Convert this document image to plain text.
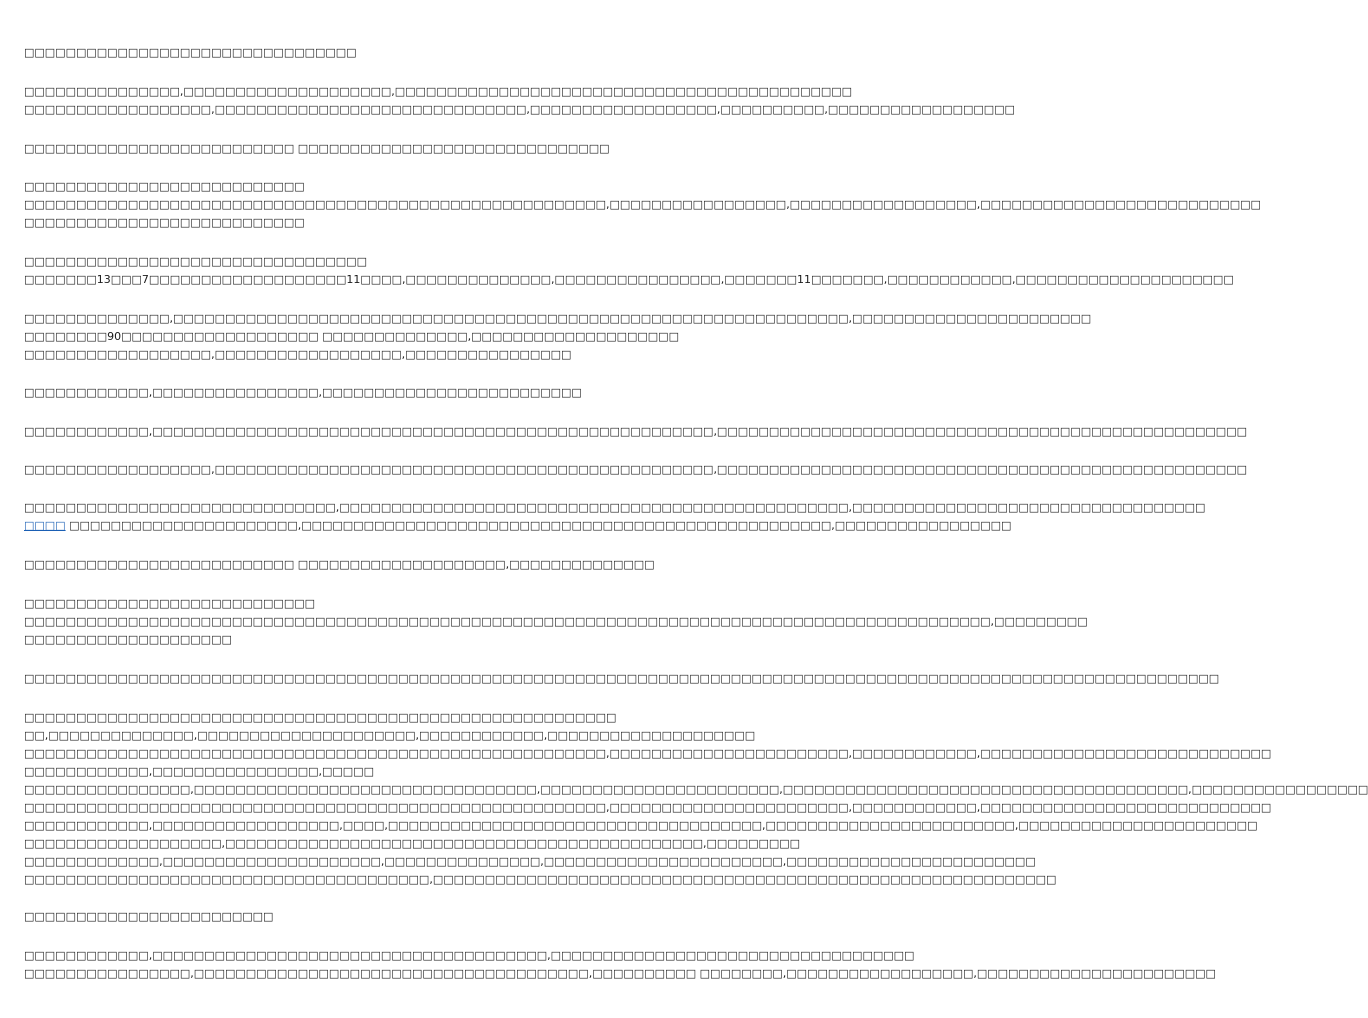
□□□□□□□□□□□□□□□□□□□□□□□□□□□□□□□□
□□□□□□□□□□□□□□□,□□□□□□□□□□□□□□□□□□□□,□□□□□□□□□□□□□□□□□□□□□□□□□□□□□□□□□□□□□□□□□□□□
□□□□□□□□□□□□□□□□□□,□□□□□□□□□□□□□□□□□□□□□□□□□□□□□□,□□□□□□□□□□□□□□□□□□,□□□□□□□□□□,□□□□□□□□□□□□□□□□□□
□□□□□□□□□□□□□□□□□□□□□□□□□□ □□□□□□□□□□□□□□□□□□□□□□□□□□□□□□
□□□□□□□□□□□□□□□□□□□□□□□□□□□
□□□□□□□□□□□□□□□□□□□□□□□□□□□□□□□□□□□□□□□□□□□□□□□□□□□□□□□□,□□□□□□□□□□□□□□□□□,□□□□□□□□□□□□□□□□□□,□□□□□□□□□□□□□□□□□□□□□□□□□□□
□□□□□□□□□□□□□□□□□□□□□□□□□□□
□□□□□□□□□□□□□□□□□□□□□□□□□□□□□□□□□
□□□□□□□13□□□7□□□□□□□□□□□□□□□□□□□11□□□□,□□□□□□□□□□□□□□,□□□□□□□□□□□□□□□□,□□□□□□□11□□□□□□□,□□□□□□□□□□□□,□□□□□□□□□□□□□□□□□□□□□
□□□□□□□□□□□□□□,□□□□□□□□□□□□□□□□□□□□□□□□□□□□□□□□□□□□□□□□□□□□□□□□□□□□□□□□□□□□□□□□□,□□□□□□□□□□□□□□□□□□□□□□□
□□□□□□□□90□□□□□□□□□□□□□□□□□□□ □□□□□□□□□□□□□□,□□□□□□□□□□□□□□□□□□□□
□□□□□□□□□□□□□□□□□□,□□□□□□□□□□□□□□□□□□,□□□□□□□□□□□□□□□□
□□□□□□□□□□□□,□□□□□□□□□□□□□□□□,□□□□□□□□□□□□□□□□□□□□□□□□□
□□□□□□□□□□□□,□□□□□□□□□□□□□□□□□□□□□□□□□□□□□□□□□□□□□□□□□□□□□□□□□□□□□□,□□□□□□□□□□□□□□□□□□□□□□□□□□□□□□□□□□□□□□□□□□□□□□□□□□□
□□□□□□□□□□□□□□□□□□,□□□□□□□□□□□□□□□□□□□□□□□□□□□□□□□□□□□□□□□□□□□□□□□□,□□□□□□□□□□□□□□□□□□□□□□□□□□□□□□□□□□□□□□□□□□□□□□□□□□□
□□□□□□□□□□□□□□□□□□□□□□□□□□□□□□,□□□□□□□□□□□□□□□□□□□□□□□□□□□□□□□□□□□□□□□□□□□□□□□□□,□□□□□□□□□□□□□□□□□□□□□□□□□□□□□□□□□□
□□□□ □□□□□□□□□□□□□□□□□□□□□□,□□□□□□□□□□□□□□□□□□□□□□□□□□□□□□□□□□□□□□□□□□□□□□□□□□□,□□□□□□□□□□□□□□□□□
□□□□□□□□□□□□□□□□□□□□□□□□□□ □□□□□□□□□□□□□□□□□□□□,□□□□□□□□□□□□□□
□□□□□□□□□□□□□□□□□□□□□□□□□□□□
□□□□□□□□□□□□□□□□□□□□□□□□□□□□□□□□□□□□□□□□□□□□□□□□□□□□□□□□□□□□□□□□□□□□□□□□□□□□□□□□□□□□□□□□□□□□□,□□□□□□□□□
□□□□□□□□□□□□□□□□□□□□
□□□□□□□□□□□□□□□□□□□□□□□□□□□□□□□□□□□□□□□□□□□□□□□□□□□□□□□□□□□□□□□□□□□□□□□□□□□□□□□□□□□□□□□□□□□□□□□□□□□□□□□□□□□□□□□□□□□
□□□□□□□□□□□□□□□□□□□□□□□□□□□□□□□□□□□□□□□□□□□□□□□□□□□□□□□□□
□□,□□□□□□□□□□□□□□,□□□□□□□□□□□□□□□□□□□□□,□□□□□□□□□□□□,□□□□□□□□□□□□□□□□□□□□
□□□□□□□□□□□□□□□□□□□□□□□□□□□□□□□□□□□□□□□□□□□□□□□□□□□□□□□□,□□□□□□□□□□□□□□□□□□□□□□□,□□□□□□□□□□□□,□□□□□□□□□□□□□□□□□□□□□□□□□□□□
□□□□□□□□□□□□,□□□□□□□□□□□□□□□□,□□□□□
□□□□□□□□□□□□□□□□,□□□□□□□□□□□□□□□□□□□□□□□□□□□□□□□□□,□□□□□□□□□□□□□□□□□□□□□□□,□□□□□□□□□□□□□□□□□□□□□□□□□□□□□□□□□□□□□□□,□□□□□□□□□□□□□□□□□
□□□□□□□□□□□□□□□□□□□□□□□□□□□□□□□□□□□□□□□□□□□□□□□□□□□□□□□□,□□□□□□□□□□□□□□□□□□□□□□□,□□□□□□□□□□□□,□□□□□□□□□□□□□□□□□□□□□□□□□□□□
□□□□□□□□□□□□,□□□□□□□□□□□□□□□□□□,□□□□,□□□□□□□□□□□□□□□□□□□□□□□□□□□□□□□□□□□□,□□□□□□□□□□□□□□□□□□□□□□□□,□□□□□□□□□□□□□□□□□□□□□□□
□□□□□□□□□□□□□□□□□□□,□□□□□□□□□□□□□□□□□□□□□□□□□□□□□□□□□□□□□□□□□□□□□□,□□□□□□□□□
□□□□□□□□□□□□□,□□□□□□□□□□□□□□□□□□□□□,□□□□□□□□□□□□□□□,□□□□□□□□□□□□□□□□□□□□□□□,□□□□□□□□□□□□□□□□□□□□□□□□
□□□□□□□□□□□□□□□□□□□□□□□□□□□□□□□□□□□□□□□,□□□□□□□□□□□□□□□□□□□□□□□□□□□□□□□□□□□□□□□□□□□□□□□□□□□□□□□□□□□□
□□□□□□□□□□□□□□□□□□□□□□□□
□□□□□□□□□□□□,□□□□□□□□□□□□□□□□□□□□□□□□□□□□□□□□□□□□□□,□□□□□□□□□□□□□□□□□□□□□□□□□□□□□□□□□□□
□□□□□□□□□□□□□□□□,□□□□□□□□□□□□□□□□□□□□□□□□□□□□□□□□□□□□□□,□□□□□□□□□□ □□□□□□□□,□□□□□□□□□□□□□□□□□□,□□□□□□□□□□□□□□□□□□□□□□□
